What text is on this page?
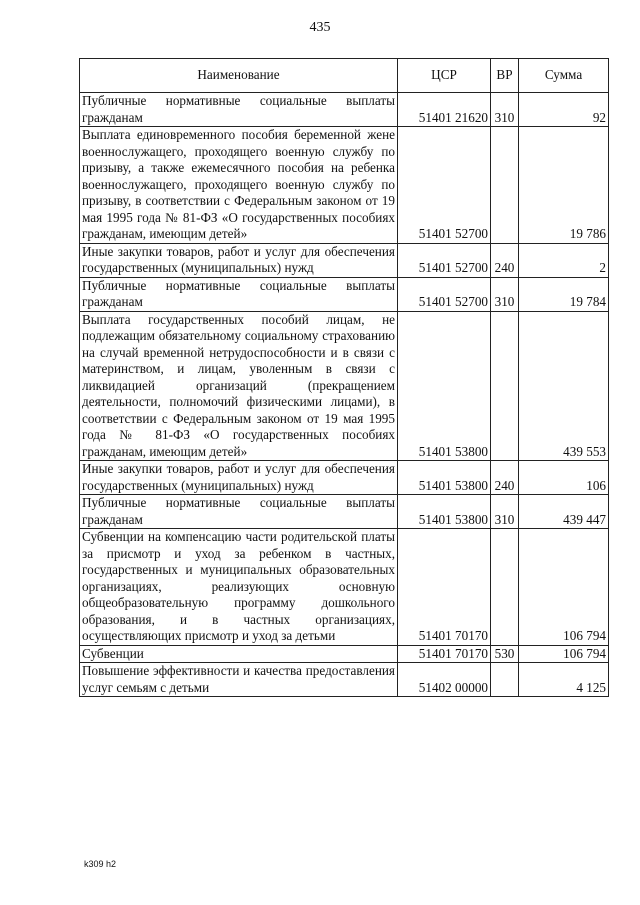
435
Наименование	ЦСР	ВР	Сумма
Публичные нормативные социальные выплаты гражданам	51401 21620	310	92
Выплата единовременного пособия беременной жене военнослужащего, проходящего военную службу по призыву, а также ежемесячного пособия на ребенка военнослужащего, проходящего военную службу по призыву, в соответствии с Федеральным законом от 19 мая 1995 года № 81-ФЗ «О государственных пособиях гражданам, имеющим детей»	51401 52700		19 786
Иные закупки товаров, работ и услуг для обеспечения государственных (муниципальных) нужд	51401 52700	240	2
Публичные нормативные социальные выплаты гражданам	51401 52700	310	19 784
Выплата государственных пособий лицам, не подлежащим обязательному социальному страхованию на случай временной нетрудоспособности и в связи с материнством, и лицам, уволенным в связи с ликвидацией организаций (прекращением деятельности, полномочий физическими лицами), в соответствии с Федеральным законом от 19 мая 1995 года № 81-ФЗ «О государственных пособиях гражданам, имеющим детей»	51401 53800		439 553
Иные закупки товаров, работ и услуг для обеспечения государственных (муниципальных) нужд	51401 53800	240	106
Публичные нормативные социальные выплаты гражданам	51401 53800	310	439 447
Субвенции на компенсацию части родительской платы за присмотр и уход за ребенком в частных, государственных и муниципальных образовательных организациях, реализующих основную общеобразовательную программу дошкольного образования, и в частных организациях, осуществляющих присмотр и уход за детьми	51401 70170		106 794
Субвенции	51401 70170	530	106 794
Повышение эффективности и качества предоставления услуг семьям с детьми	51402 00000		4 125
k309 h2
